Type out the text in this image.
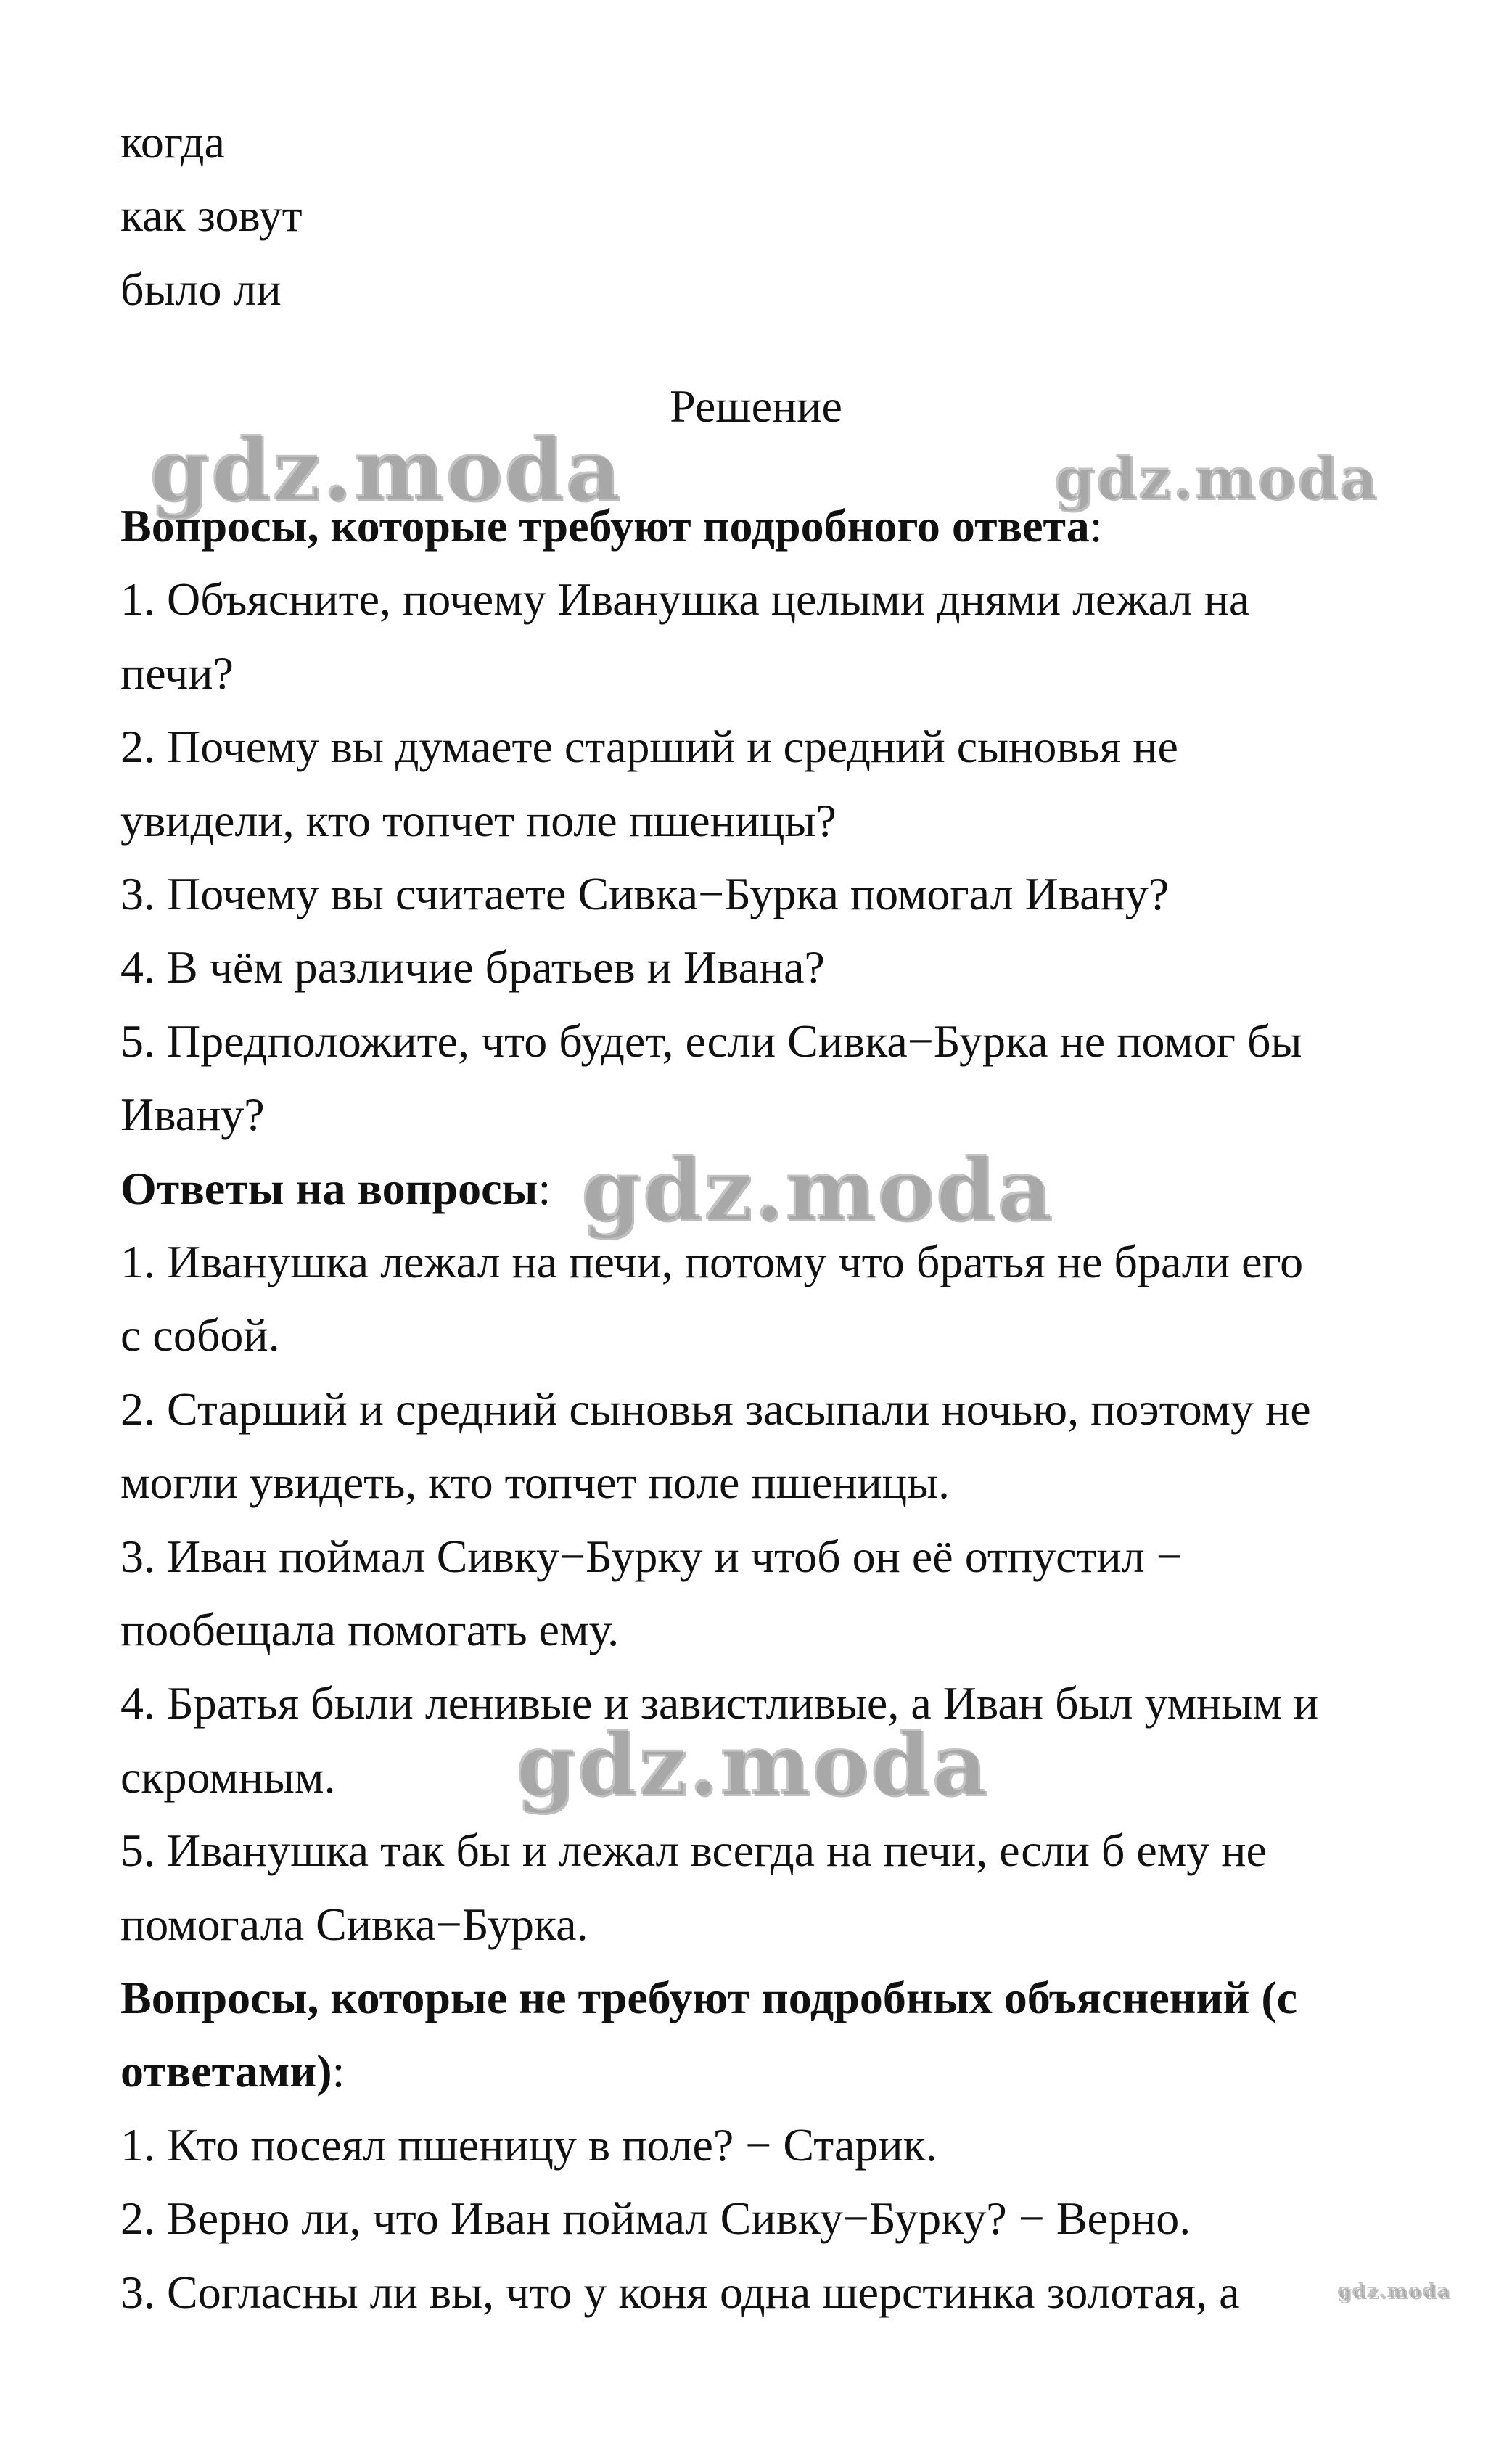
когда

как зовут

было ли

Решение

Вопросы, которые требуют подробного ответа:

1. Объясните, почему Иванушка целыми днями лежал на

печи?

2. Почему вы думаете старший и средний сыновья не

увидели, кто топчет поле пшеницы?

3. Почему вы считаете Сивка−Бурка помогал Ивану?

4. В чём различие братьев и Ивана?

5. Предположите, что будет, если Сивка−Бурка не помог бы

Ивану?

Ответы на вопросы:

1. Иванушка лежал на печи, потому что братья не брали его

с собой.

2. Старший и средний сыновья засыпали ночью, поэтому не

могли увидеть, кто топчет поле пшеницы.

3. Иван поймал Сивку−Бурку и чтоб он её отпустил −

пообещала помогать ему.

4. Братья были ленивые и завистливые, а Иван был умным и

скромным.

5. Иванушка так бы и лежал всегда на печи, если б ему не

помогала Сивка−Бурка.

Вопросы, которые не требуют подробных объяснений (с

ответами):

1. Кто посеял пшеницу в поле? − Старик.

2. Верно ли, что Иван поймал Сивку−Бурку? − Верно.

3. Согласны ли вы, что у коня одна шерстинка золотая, а

gdz.moda	gdz.moda
gdz.moda
gdz.moda
gdz.moda
